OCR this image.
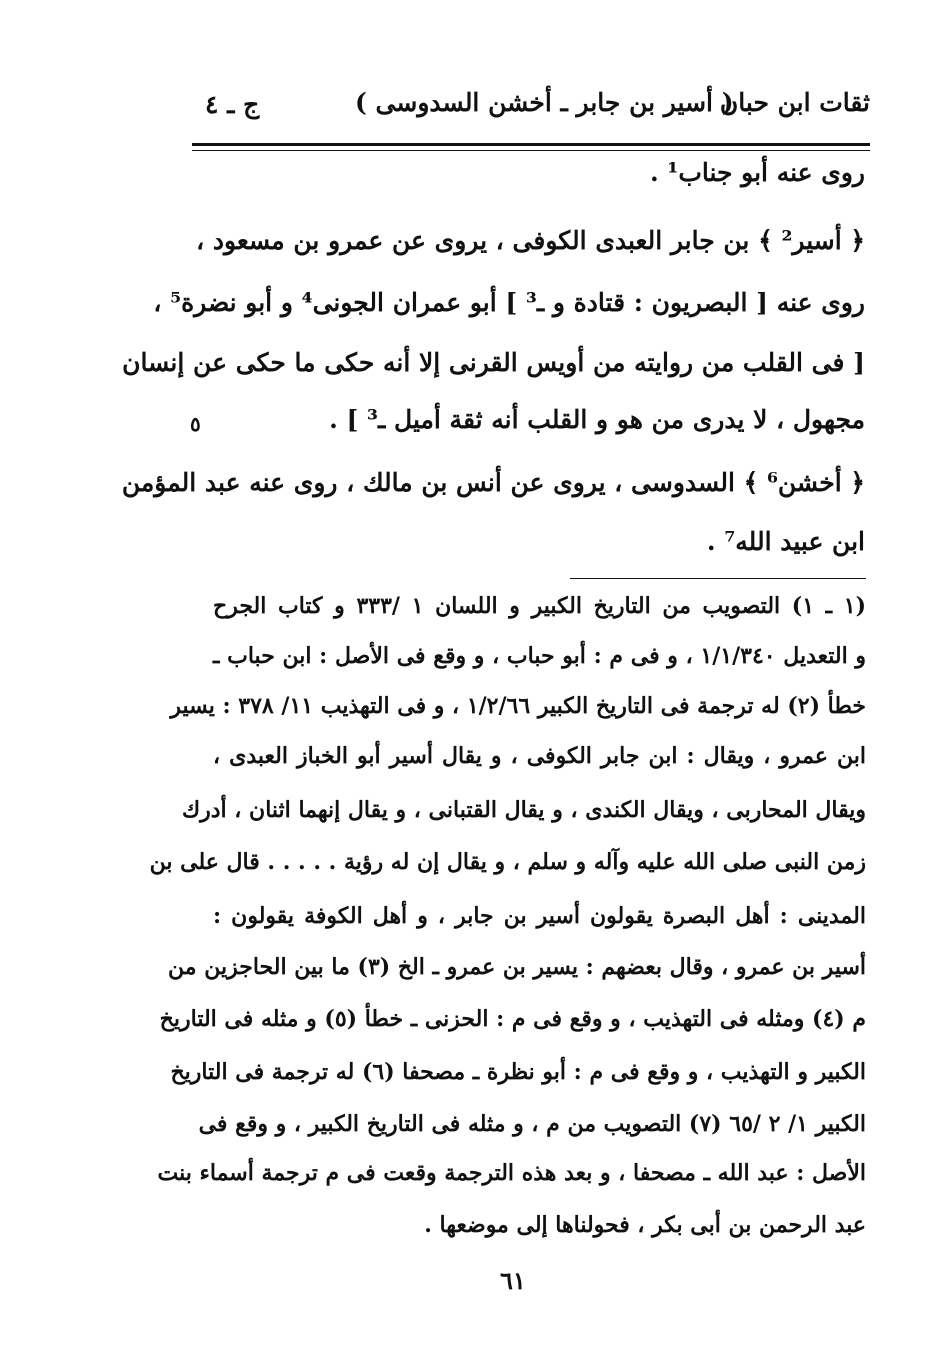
ثقات ابن حبان
( أسير بن جابر ـ أخشن السدوسى )
ج ـ ٤
روى عنه أبو جناب¹ .
﴿ أسير² ﴾ بن جابر العبدى الكوفى ، يروى عن عمرو بن مسعود ،
روى عنه [ البصريون : قتادة و ـ³ ] أبو عمران الجونى⁴ و أبو نضرة⁵ ،
[ فى القلب من روايته من أويس القرنى إلا أنه حكى ما حكى عن إنسان
مجهول ، لا يدرى من هو و القلب أنه ثقة أميل ـ³ ] .
٥
﴿ أخشن⁶ ﴾ السدوسى ، يروى عن أنس بن مالك ، روى عنه عبد المؤمن
ابن عبيد الله⁷ .
(١ ـ ١) التصويب من التاريخ الكبير و اللسان ١ /٣٣٣ و كتاب الجرح
و التعديل ١/١/٣٤٠ ، و فى م : أبو حباب ، و وقع فى الأصل : ابن حباب ـ
خطأ (٢) له ترجمة فى التاريخ الكبير ١/٢/٦٦ ، و فى التهذيب ١١/ ٣٧٨ : يسير
ابن عمرو ، ويقال : ابن جابر الكوفى ، و يقال أسير أبو الخباز العبدى ،
ويقال المحاربى ، ويقال الكندى ، و يقال القتبانى ، و يقال إنهما اثنان ، أدرك
زمن النبى صلى الله عليه وآله و سلم ، و يقال إن له رؤية . . . . . قال على بن
المدينى : أهل البصرة يقولون أسير بن جابر ، و أهل الكوفة يقولون :
أسير بن عمرو ، وقال بعضهم : يسير بن عمرو ـ الخ (٣) ما بين الحاجزين من
م (٤) ومثله فى التهذيب ، و وقع فى م : الحزنى ـ خطأ (٥) و مثله فى التاريخ
الكبير و التهذيب ، و وقع فى م : أبو نظرة ـ مصحفا (٦) له ترجمة فى التاريخ
الكبير ١/ ٢ /٦٥ (٧) التصويب من م ، و مثله فى التاريخ الكبير ، و وقع فى
الأصل : عبد الله ـ مصحفا ، و بعد هذه الترجمة وقعت فى م ترجمة أسماء بنت
عبد الرحمن بن أبى بكر ، فحولناها إلى موضعها .
٦١
